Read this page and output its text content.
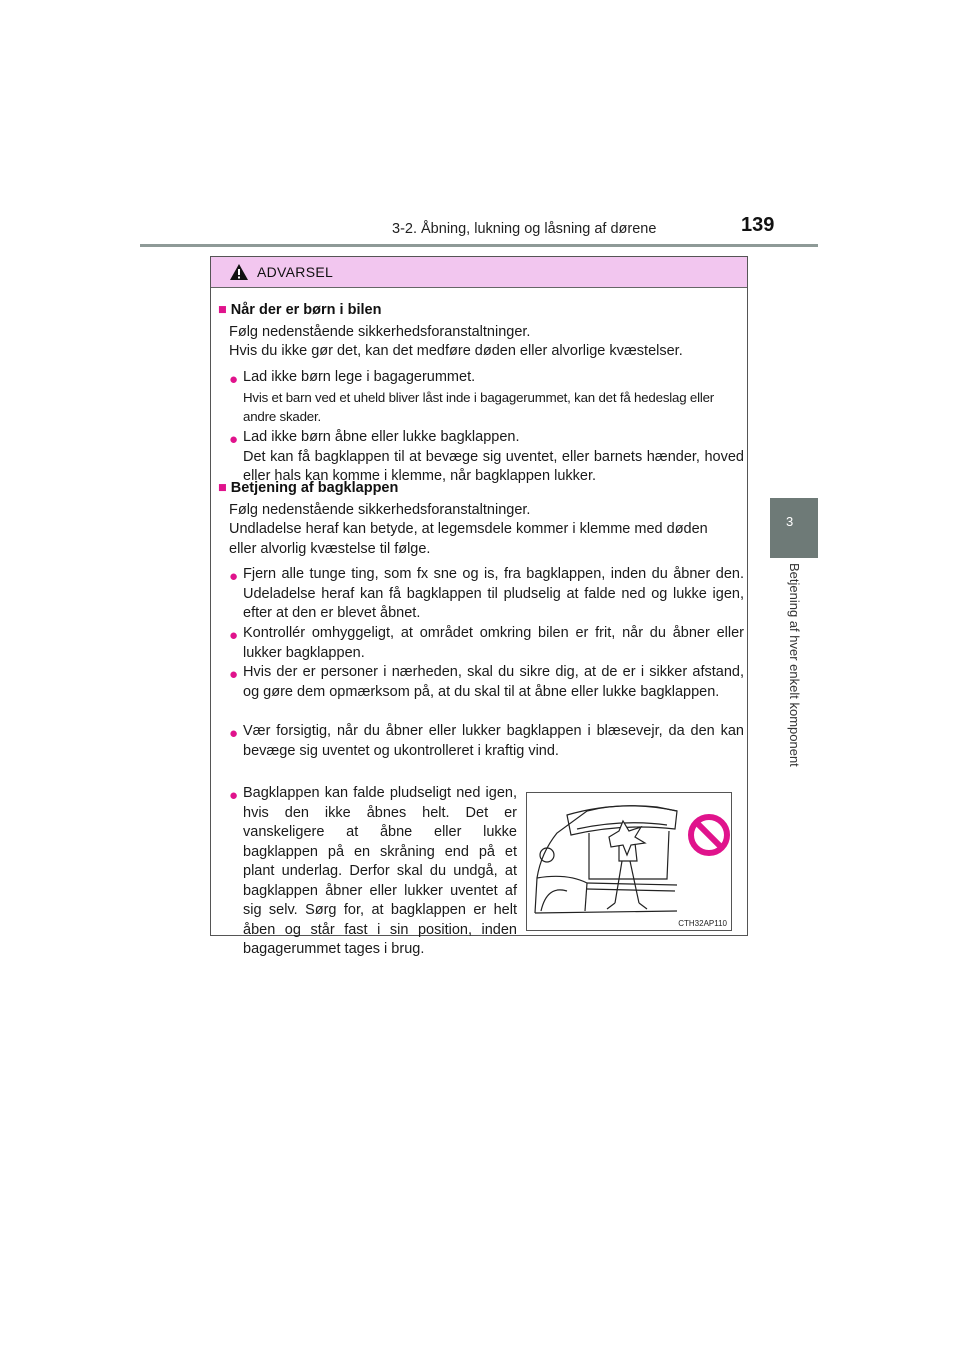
3-2. Åbning, lukning og låsning af dørene	139
3
Betjening af hver enkelt komponent
ADVARSEL
■ Når der er børn i bilen
Følg nedenstående sikkerhedsforanstaltninger.
Hvis du ikke gør det, kan det medføre døden eller alvorlige kvæstelser.
● Lad ikke børn lege i bagagerummet.
Hvis et barn ved et uheld bliver låst inde i bagagerummet, kan det få hedeslag eller andre skader.
● Lad ikke børn åbne eller lukke bagklappen.
Det kan få bagklappen til at bevæge sig uventet, eller barnets hænder, hoved eller hals kan komme i klemme, når bagklappen lukker.
■ Betjening af bagklappen
Følg nedenstående sikkerhedsforanstaltninger.
Undladelse heraf kan betyde, at legemsdele kommer i klemme med døden eller alvorlig kvæstelse til følge.
● Fjern alle tunge ting, som fx sne og is, fra bagklappen, inden du åbner den. Udeladelse heraf kan få bagklappen til pludselig at falde ned og lukke igen, efter at den er blevet åbnet.
● Kontrollér omhyggeligt, at området omkring bilen er frit, når du åbner eller lukker bagklappen.
● Hvis der er personer i nærheden, skal du sikre dig, at de er i sikker afstand, og gøre dem opmærksom på, at du skal til at åbne eller lukke bagklappen.
● Vær forsigtig, når du åbner eller lukker bagklappen i blæsevejr, da den kan bevæge sig uventet og ukontrolleret i kraftig vind.
● Bagklappen kan falde pludseligt ned igen, hvis den ikke åbnes helt. Det er vanskeligere at åbne eller lukke bagklappen på en skråning end på et plant underlag. Derfor skal du undgå, at bagklappen åbner eller lukker uventet af sig selv. Sørg for, at bagklappen er helt åben og står fast i sin position, inden bagagerummet tages i brug.
CTH32AP110
